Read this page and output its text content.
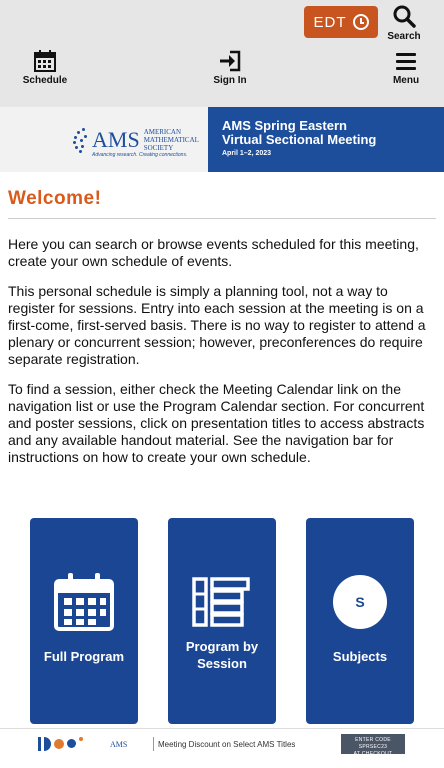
EDT
Search
Schedule	Sign In	Menu
AMS AMERICAN
MATHEMATICAL
SOCIETY
Advancing research. Creating connections.
AMS Spring Eastern
Virtual Sectional Meeting
April 1–2, 2023
Welcome!

Here you can search or browse events scheduled for this meeting, create your own schedule of events.

This personal schedule is simply a planning tool, not a way to register for sessions. Entry into each session at the meeting is on a first-come, first-served basis. There is no way to register to attend a plenary or concurrent session; however, preconferences do require separate registration.

To find a session, either check the Meeting Calendar link on the navigation list or use the Program Calendar section. For concurrent and poster sessions, click on presentation titles to access abstracts and any available handout material. See the navigation bar for instructions on how to create your own schedule.

Full Program
Program by Session
S
Subjects
AMS	Meeting Discount on Select AMS Titles	ENTER CODE SPRSEC23
AT CHECKOUT
